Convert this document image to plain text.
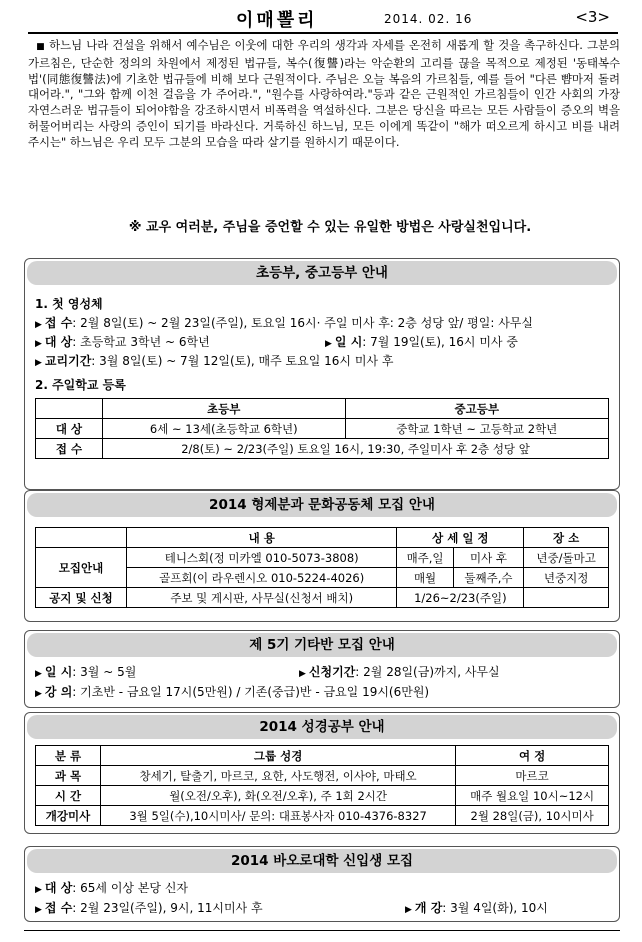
이매뽈리	2014. 02. 16	<3>
■ 하느님 나라 건설을 위해서 예수님은 이웃에 대한 우리의 생각과 자세를 온전히 새롭게 할 것을 촉구하신다. 그분의 가르침은, 단순한 정의의 차원에서 제정된 법규들, 복수(復讐)라는 악순환의 고리를 끊을 목적으로 제정된 '동태복수법'(同態復讐法)에 기초한 법규들에 비해 보다 근원적이다. 주님은 오늘 복음의 가르침들, 예를 들어 "다른 뺨마저 돌려 대어라.", "그와 함께 이천 걸음을 가 주어라.", "원수를 사랑하여라."등과 같은 근원적인 가르침들이 인간 사회의 가장 자연스러운 법규들이 되어야함을 강조하시면서 비폭력을 역설하신다. 그분은 당신을 따르는 모든 사람들이 증오의 벽을 허물어버리는 사랑의 증인이 되기를 바라신다. 거룩하신 하느님, 모든 이에게 똑같이 "해가 떠오르게 하시고 비를 내려 주시는" 하느님은 우리 모두 그분의 모습을 따라 살기를 원하시기 때문이다.
※ 교우 여러분, 주님을 증언할 수 있는 유일한 방법은 사랑실천입니다.
초등부, 중고등부 안내
1. 첫 영성체
▶ 접 수: 2월 8일(토) ~ 2월 23일(주일), 토요일 16시· 주일 미사 후: 2층 성당 앞/ 평일: 사무실
▶ 대 상: 초등학교 3학년 ~ 6학년	▶ 일 시: 7월 19일(토), 16시 미사 중
▶ 교리기간: 3월 8일(토) ~ 7월 12일(토), 매주 토요일 16시 미사 후
2. 주일학교 등록
	초등부	중고등부
대 상	6세 ~ 13세(초등학교 6학년)	중학교 1학년 ~ 고등학교 2학년
접 수	2/8(토) ~ 2/23(주일) 토요일 16시, 19:30, 주일미사 후 2층 성당 앞	
2014 형제분과 문화공동체 모집 안내
	내 용	상 세 일 정		장 소
모집안내	테니스회(정 미카엘 010-5073-3808)	매주,일	미사 후	년중/돌마고
	골프회(이 라우렌시오 010-5224-4026)	매월	둘째주,수	년중지정
공지 및 신청	주보 및 게시판, 사무실(신청서 배치)	1/26~2/23(주일)		
제 5기 기타반 모집 안내
▶ 일 시: 3월 ~ 5월	▶ 신청기간: 2월 28일(금)까지, 사무실
▶ 강 의: 기초반 - 금요일 17시(5만원) / 기존(중급)반 - 금요일 19시(6만원)
2014 성경공부 안내
분 류	그룹 성경	여 정
과 목	창세기, 탈출기, 마르코, 요한, 사도행전, 이사야, 마태오	마르코
시 간	월(오전/오후), 화(오전/오후), 주 1회 2시간	매주 월요일 10시~12시
개강미사	3월 5일(수),10시미사/ 문의: 대표봉사자 010-4376-8327	2월 28일(금), 10시미사
2014 바오로대학 신입생 모집
▶ 대 상: 65세 이상 본당 신자
▶ 접 수: 2월 23일(주일), 9시, 11시미사 후	▶ 개 강: 3월 4일(화), 10시
